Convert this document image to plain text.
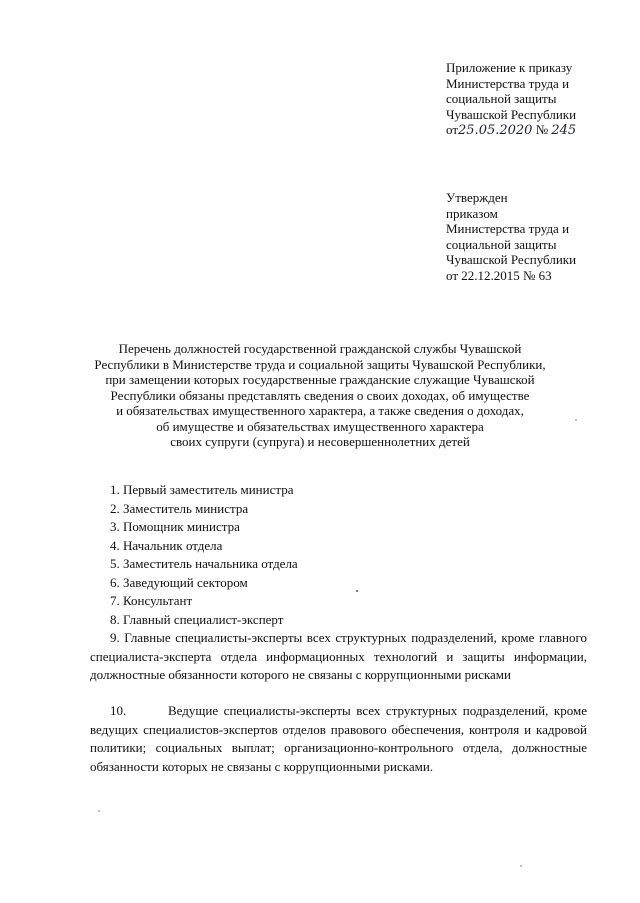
Приложение к приказу
Министерства труда и
социальной защиты
Чувашской Республики
от25.05.2020 № 245
Утвержден
приказом
Министерства труда и
социальной защиты
Чувашской Республики
от 22.12.2015 № 63
Перечень должностей государственной гражданской службы Чувашской
Республики в Министерстве труда и социальной защиты Чувашской Республики,
при замещении которых государственные гражданские служащие Чувашской
Республики обязаны представлять сведения о своих доходах, об имуществе
и обязательствах имущественного характера, а также сведения о доходах,
об имуществе и обязательствах имущественного характера
своих супруги (супруга) и несовершеннолетних детей
1. Первый заместитель министра
2. Заместитель министра
3. Помощник министра
4. Начальник отдела
5. Заместитель начальника отдела
6. Заведующий сектором
7. Консультант
8. Главный специалист-эксперт
9. Главные специалисты-эксперты всех структурных подразделений, кроме главного специалиста-эксперта отдела информационных технологий и защиты информации, должностные обязанности которого не связаны с коррупционными рисками
10.	Ведущие специалисты-эксперты всех структурных подразделений, кроме ведущих специалистов-экспертов отделов правового обеспечения, контроля и кадровой политики; социальных выплат; организационно-контрольного отдела, должностные обязанности которых не связаны с коррупционными рисками.
